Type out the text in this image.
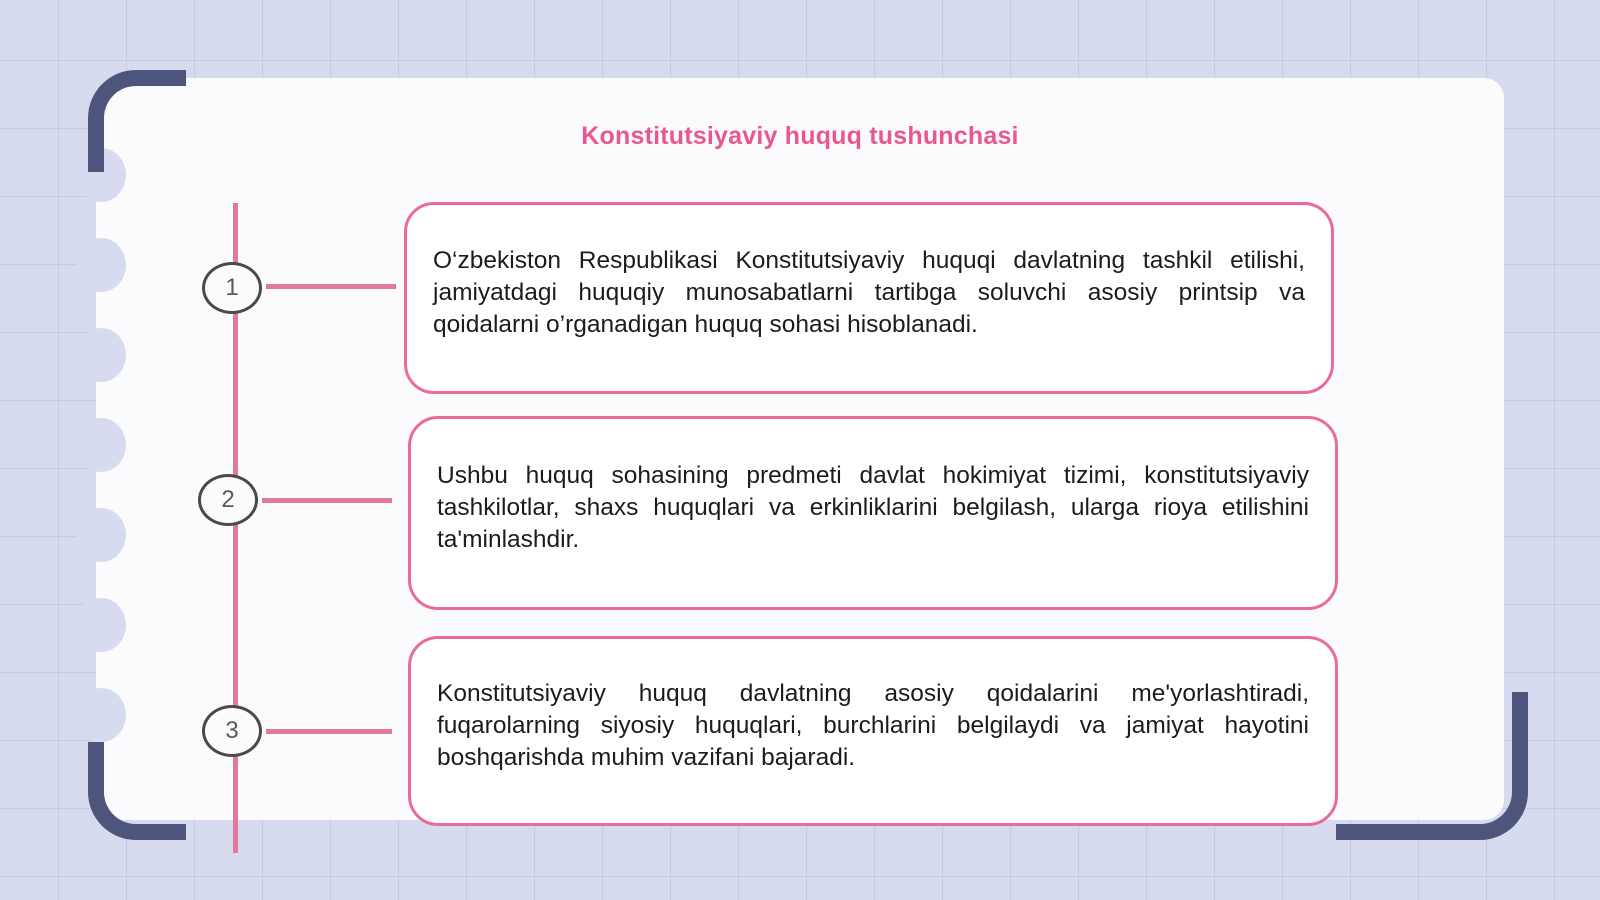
Konstitutsiyaviy huquq tushunchasi
1
O‘zbekiston Respublikasi Konstitutsiyaviy huquqi davlatning tashkil etilishi, jamiyatdagi huquqiy munosabatlarni tartibga soluvchi asosiy printsip va qoidalarni o’rganadigan huquq sohasi hisoblanadi.
2
Ushbu huquq sohasining predmeti davlat hokimiyat tizimi, konstitutsiyaviy tashkilotlar, shaxs huquqlari va erkinliklarini belgilash, ularga rioya etilishini ta'minlashdir.
3
Konstitutsiyaviy huquq davlatning asosiy qoidalarini me'yorlashtiradi, fuqarolarning siyosiy huquqlari, burchlarini belgilaydi va jamiyat hayotini boshqarishda muhim vazifani bajaradi.
